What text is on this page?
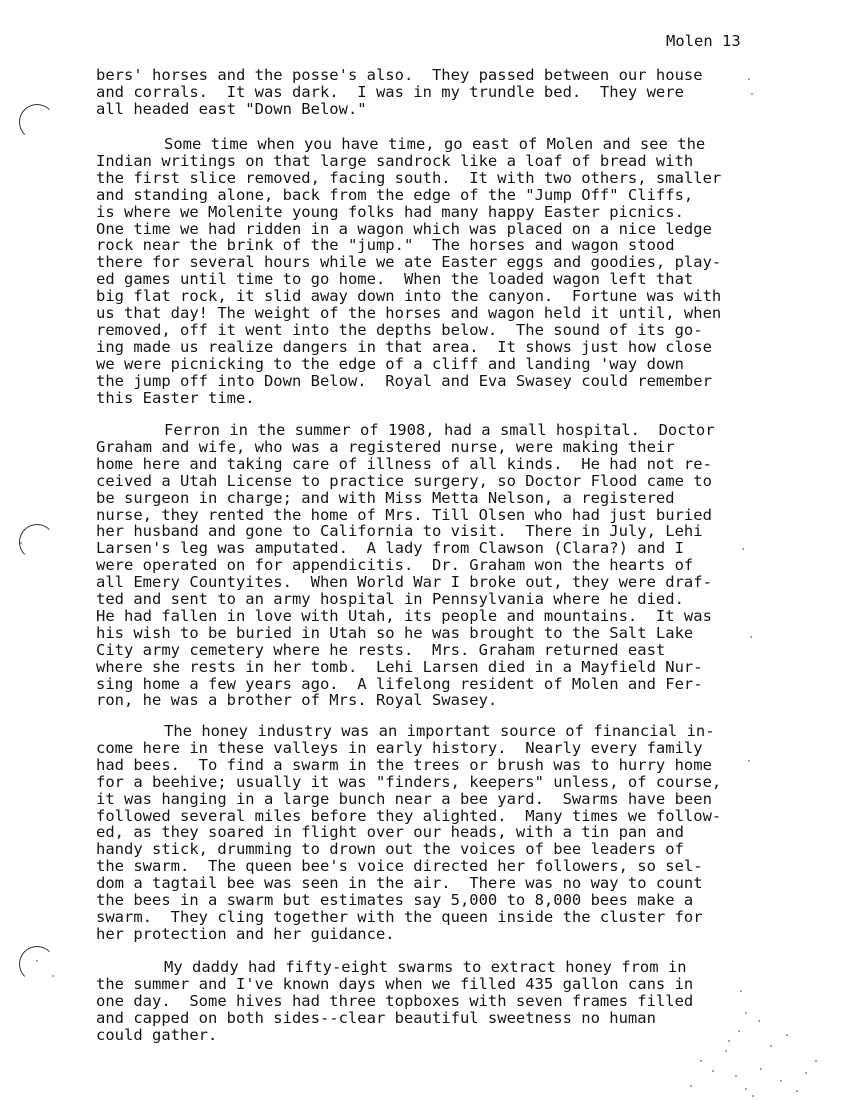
Molen 13
bers' horses and the posse's also.  They passed between our house
and corrals.  It was dark.  I was in my trundle bed.  They were
all headed east "Down Below."
Some time when you have time, go east of Molen and see the
Indian writings on that large sandrock like a loaf of bread with
the first slice removed, facing south.  It with two others, smaller
and standing alone, back from the edge of the "Jump Off" Cliffs,
is where we Molenite young folks had many happy Easter picnics.
One time we had ridden in a wagon which was placed on a nice ledge
rock near the brink of the "jump."  The horses and wagon stood
there for several hours while we ate Easter eggs and goodies, play-
ed games until time to go home.  When the loaded wagon left that
big flat rock, it slid away down into the canyon.  Fortune was with
us that day! The weight of the horses and wagon held it until, when
removed, off it went into the depths below.  The sound of its go-
ing made us realize dangers in that area.  It shows just how close
we were picnicking to the edge of a cliff and landing 'way down
the jump off into Down Below.  Royal and Eva Swasey could remember
this Easter time.
Ferron in the summer of 1908, had a small hospital.  Doctor
Graham and wife, who was a registered nurse, were making their
home here and taking care of illness of all kinds.  He had not re-
ceived a Utah License to practice surgery, so Doctor Flood came to
be surgeon in charge; and with Miss Metta Nelson, a registered
nurse, they rented the home of Mrs. Till Olsen who had just buried
her husband and gone to California to visit.  There in July, Lehi
Larsen's leg was amputated.  A lady from Clawson (Clara?) and I
were operated on for appendicitis.  Dr. Graham won the hearts of
all Emery Countyites.  When World War I broke out, they were draf-
ted and sent to an army hospital in Pennsylvania where he died.
He had fallen in love with Utah, its people and mountains.  It was
his wish to be buried in Utah so he was brought to the Salt Lake
City army cemetery where he rests.  Mrs. Graham returned east
where she rests in her tomb.  Lehi Larsen died in a Mayfield Nur-
sing home a few years ago.  A lifelong resident of Molen and Fer-
ron, he was a brother of Mrs. Royal Swasey.
The honey industry was an important source of financial in-
come here in these valleys in early history.  Nearly every family
had bees.  To find a swarm in the trees or brush was to hurry home
for a beehive; usually it was "finders, keepers" unless, of course,
it was hanging in a large bunch near a bee yard.  Swarms have been
followed several miles before they alighted.  Many times we follow-
ed, as they soared in flight over our heads, with a tin pan and
handy stick, drumming to drown out the voices of bee leaders of
the swarm.  The queen bee's voice directed her followers, so sel-
dom a tagtail bee was seen in the air.  There was no way to count
the bees in a swarm but estimates say 5,000 to 8,000 bees make a
swarm.  They cling together with the queen inside the cluster for
her protection and her guidance.
My daddy had fifty-eight swarms to extract honey from in
the summer and I've known days when we filled 435 gallon cans in
one day.  Some hives had three topboxes with seven frames filled
and capped on both sides--clear beautiful sweetness no human
could gather.
